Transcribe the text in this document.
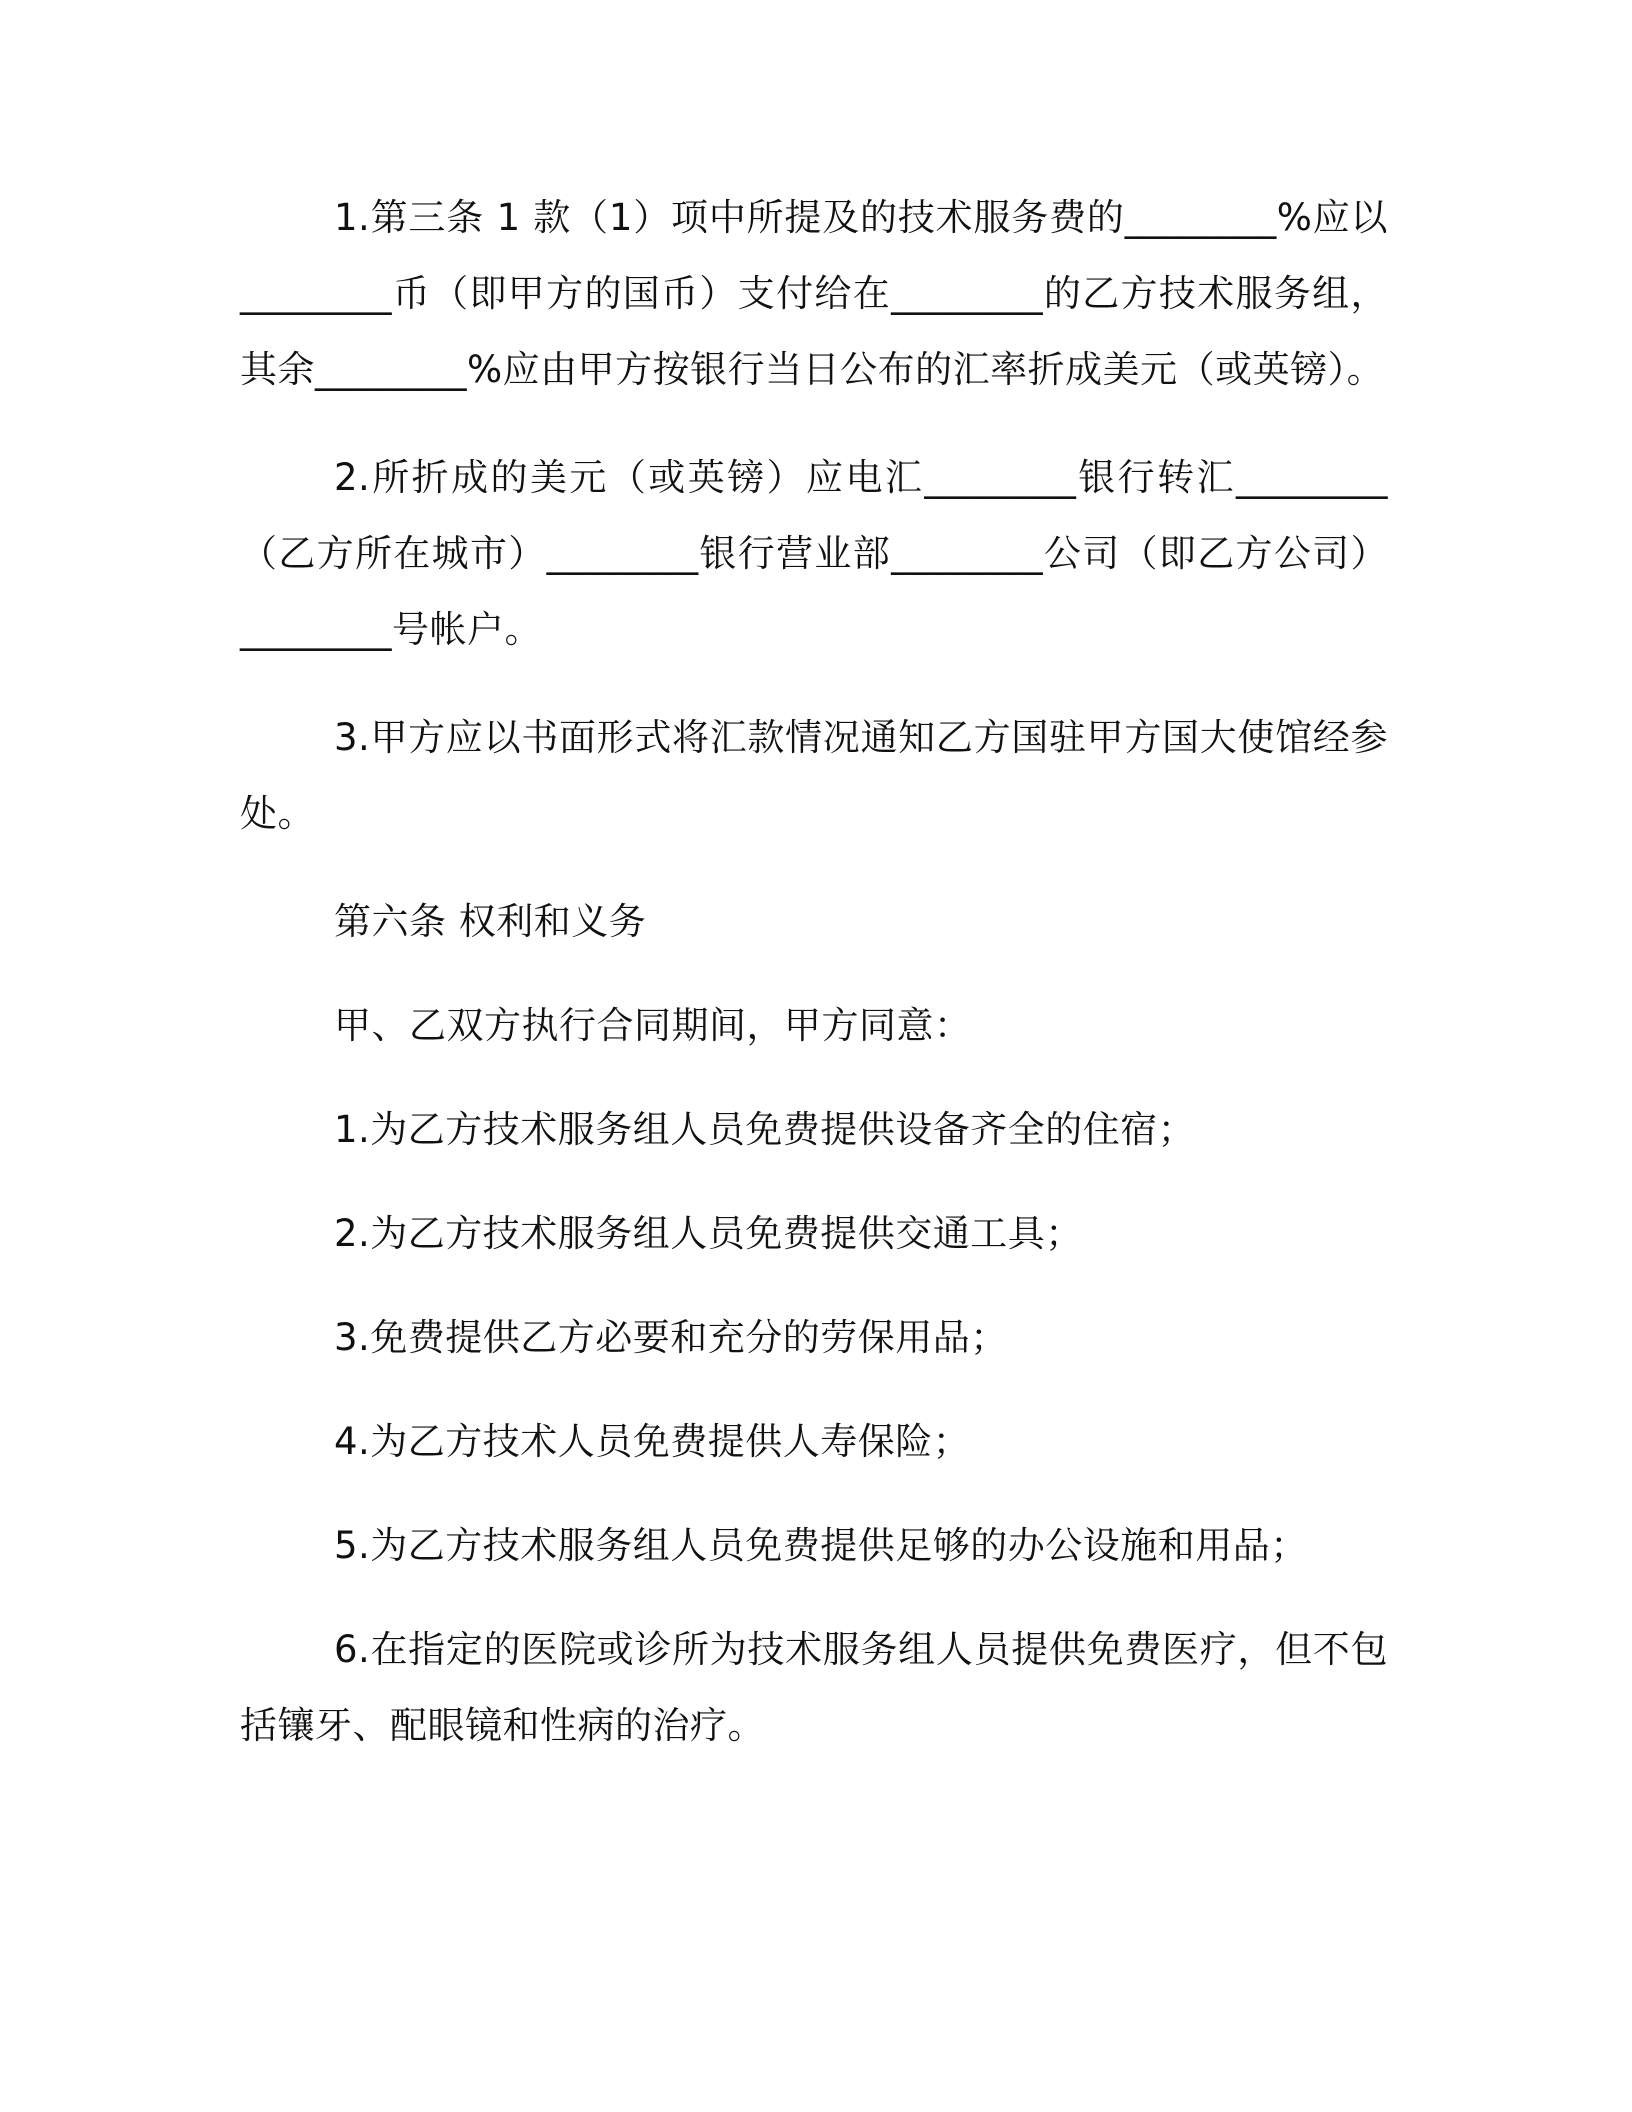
1.第三条 1 款（1）项中所提及的技术服务费的________%应以________币（即甲方的国币）支付给在________的乙方技术服务组，其余________%应由甲方按银行当日公布的汇率折成美元（或英镑）。

2.所折成的美元（或英镑）应电汇________银行转汇________（乙方所在城市）________银行营业部________公司（即乙方公司）________号帐户。

3.甲方应以书面形式将汇款情况通知乙方国驻甲方国大使馆经参处。

第六条 权利和义务

甲、乙双方执行合同期间，甲方同意：

1.为乙方技术服务组人员免费提供设备齐全的住宿；

2.为乙方技术服务组人员免费提供交通工具；

3.免费提供乙方必要和充分的劳保用品；

4.为乙方技术人员免费提供人寿保险；

5.为乙方技术服务组人员免费提供足够的办公设施和用品；

6.在指定的医院或诊所为技术服务组人员提供免费医疗，但不包括镶牙、配眼镜和性病的治疗。
